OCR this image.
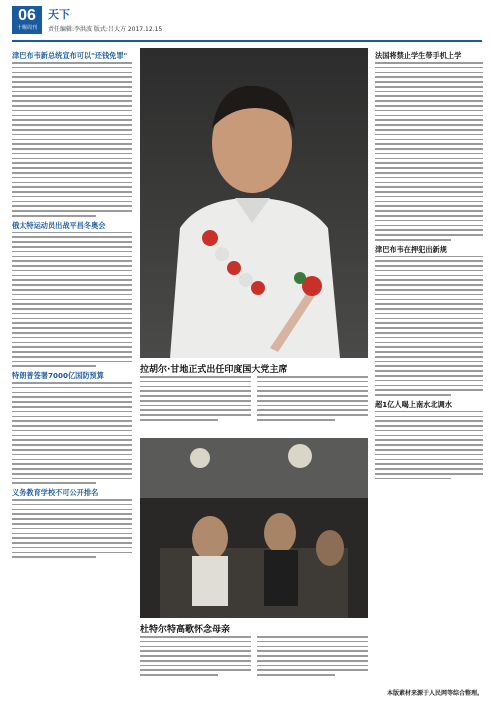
06
十堰周刊
天下
责任编辑:李洪波 版式:吕大方 2017.12.15
津巴布韦新总统宣布可以"还钱免罪"
俄太特运动员出战平昌冬奥会
特朗普签署7000亿国防预算
义务教育学校不可公开排名
拉胡尔·甘地正式出任印度国大党主席
杜特尔特高歌怀念母亲
法国将禁止学生带手机上学
津巴布韦在押犯出新规
超1亿人喝上南水北调水
本版素材来源于人民网等综合整理。
